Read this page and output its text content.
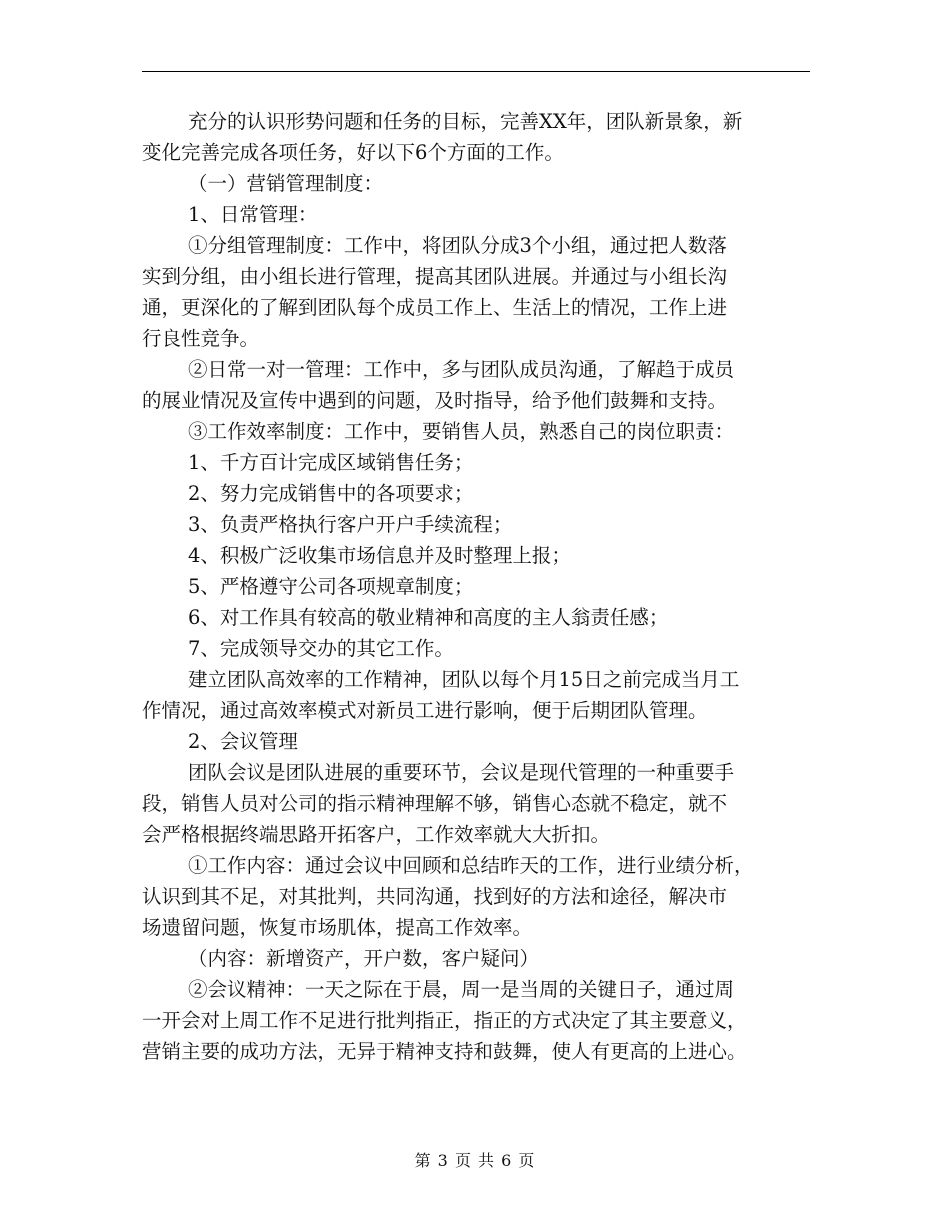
充分的认识形势问题和任务的目标，完善XX年，团队新景象，新
变化完善完成各项任务，好以下6个方面的工作。
（一）营销管理制度：
1、日常管理：
①分组管理制度：工作中，将团队分成3个小组，通过把人数落
实到分组，由小组长进行管理，提高其团队进展。并通过与小组长沟
通，更深化的了解到团队每个成员工作上、生活上的情况，工作上进
行良性竞争。
②日常一对一管理：工作中，多与团队成员沟通，了解趋于成员
的展业情况及宣传中遇到的问题，及时指导，给予他们鼓舞和支持。
③工作效率制度：工作中，要销售人员，熟悉自己的岗位职责：
1、千方百计完成区域销售任务；
2、努力完成销售中的各项要求；
3、负责严格执行客户开户手续流程；
4、积极广泛收集市场信息并及时整理上报；
5、严格遵守公司各项规章制度；
6、对工作具有较高的敬业精神和高度的主人翁责任感；
7、完成领导交办的其它工作。
建立团队高效率的工作精神，团队以每个月15日之前完成当月工
作情况，通过高效率模式对新员工进行影响，便于后期团队管理。
2、会议管理
团队会议是团队进展的重要环节，会议是现代管理的一种重要手
段，销售人员对公司的指示精神理解不够，销售心态就不稳定，就不
会严格根据终端思路开拓客户，工作效率就大大折扣。
①工作内容：通过会议中回顾和总结昨天的工作，进行业绩分析，
认识到其不足，对其批判，共同沟通，找到好的方法和途径，解决市
场遗留问题，恢复市场肌体，提高工作效率。
（内容：新增资产，开户数，客户疑问）
②会议精神：一天之际在于晨，周一是当周的关键日子，通过周
一开会对上周工作不足进行批判指正，指正的方式决定了其主要意义，
营销主要的成功方法，无异于精神支持和鼓舞，使人有更高的上进心。
第 3 页 共 6 页
